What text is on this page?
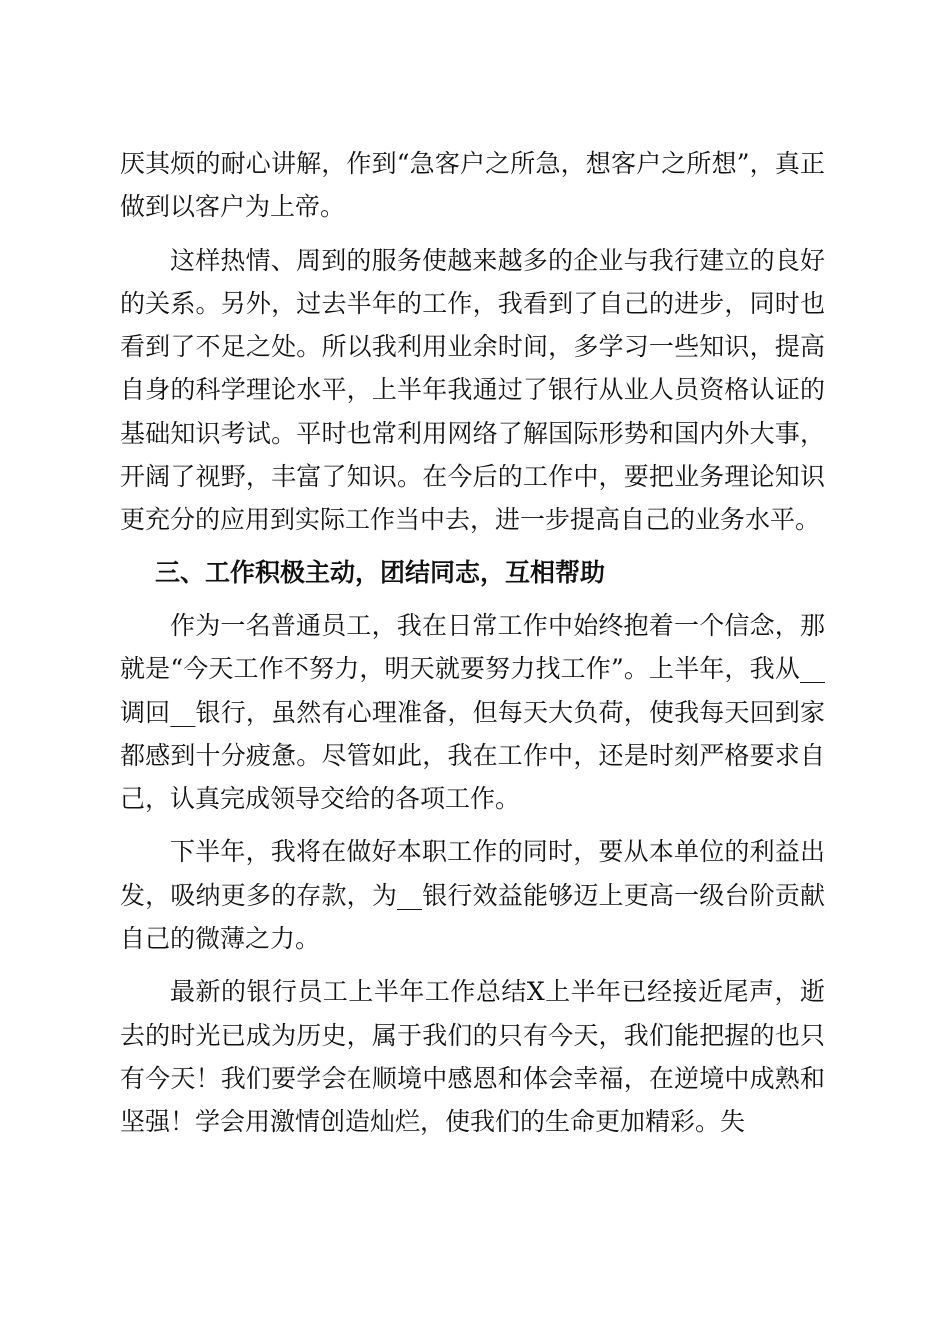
厌其烦的耐心讲解，作到“急客户之所急，想客户之所想”，真正做到以客户为上帝。

这样热情、周到的服务使越来越多的企业与我行建立的良好的关系。另外，过去半年的工作，我看到了自己的进步，同时也看到了不足之处。所以我利用业余时间，多学习一些知识，提高自身的科学理论水平，上半年我通过了银行从业人员资格认证的基础知识考试。平时也常利用网络了解国际形势和国内外大事，开阔了视野，丰富了知识。在今后的工作中，要把业务理论知识更充分的应用到实际工作当中去，进一步提高自己的业务水平。

三、工作积极主动，团结同志，互相帮助

作为一名普通员工，我在日常工作中始终抱着一个信念，那就是“今天工作不努力，明天就要努力找工作”。上半年，我从__调回__银行，虽然有心理准备，但每天大负荷，使我每天回到家都感到十分疲惫。尽管如此，我在工作中，还是时刻严格要求自己，认真完成领导交给的各项工作。

下半年，我将在做好本职工作的同时，要从本单位的利益出发，吸纳更多的存款，为__银行效益能够迈上更高一级台阶贡献自己的微薄之力。

最新的银行员工上半年工作总结X上半年已经接近尾声，逝去的时光已成为历史，属于我们的只有今天，我们能把握的也只有今天！我们要学会在顺境中感恩和体会幸福，在逆境中成熟和坚强！学会用激情创造灿烂，使我们的生命更加精彩。失
